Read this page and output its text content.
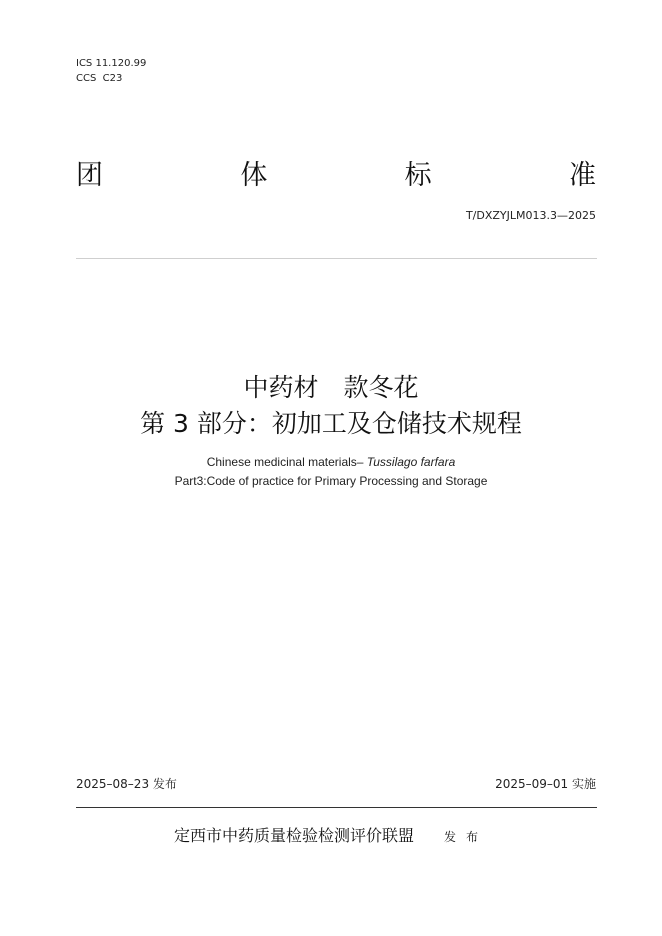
ICS 11.120.99
CCS  C23
团	体	标	准
T/DXZYJLM013.3—2025
中药材　款冬花
第 3 部分：初加工及仓储技术规程
Chinese medicinal materials– Tussilago farfara
Part3:Code of practice for Primary Processing and Storage
2025–08–23 发布	2025–09–01 实施
定西市中药质量检验检测评价联盟	发布
